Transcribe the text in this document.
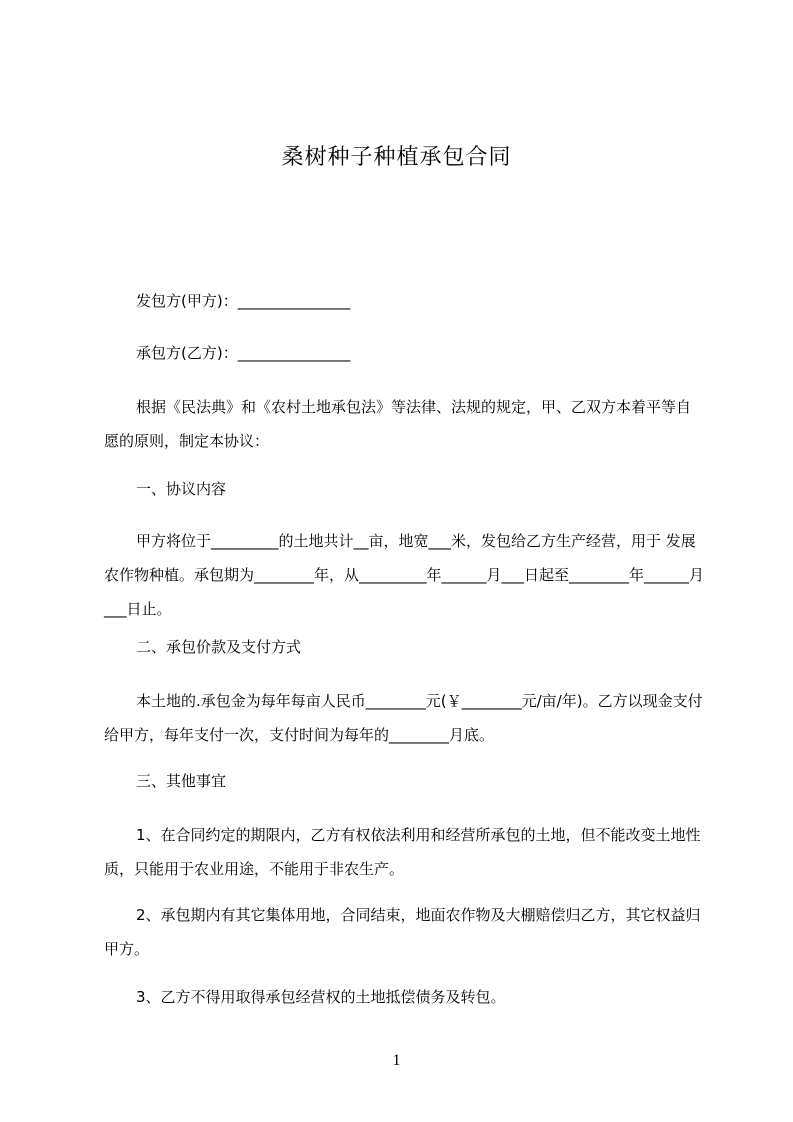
桑树种子种植承包合同

发包方(甲方)：_______________

承包方(乙方)：_______________

根据《民法典》和《农村土地承包法》等法律、法规的规定，甲、乙双方本着平等自愿的原则，制定本协议：

一、协议内容

甲方将位于_________的土地共计__亩，地宽___米，发包给乙方生产经营，用于 发展农作物种植。承包期为________年，从_________年______月___日起至________年______月___日止。

二、承包价款及支付方式

本土地的.承包金为每年每亩人民币________元(￥________元/亩/年)。乙方以现金支付给甲方，每年支付一次，支付时间为每年的________月底。

三、其他事宜

1、在合同约定的期限内，乙方有权依法利用和经营所承包的土地，但不能改变土地性质，只能用于农业用途，不能用于非农生产。

2、承包期内有其它集体用地，合同结束，地面农作物及大棚赔偿归乙方，其它权益归甲方。

3、乙方不得用取得承包经营权的土地抵偿债务及转包。

1
